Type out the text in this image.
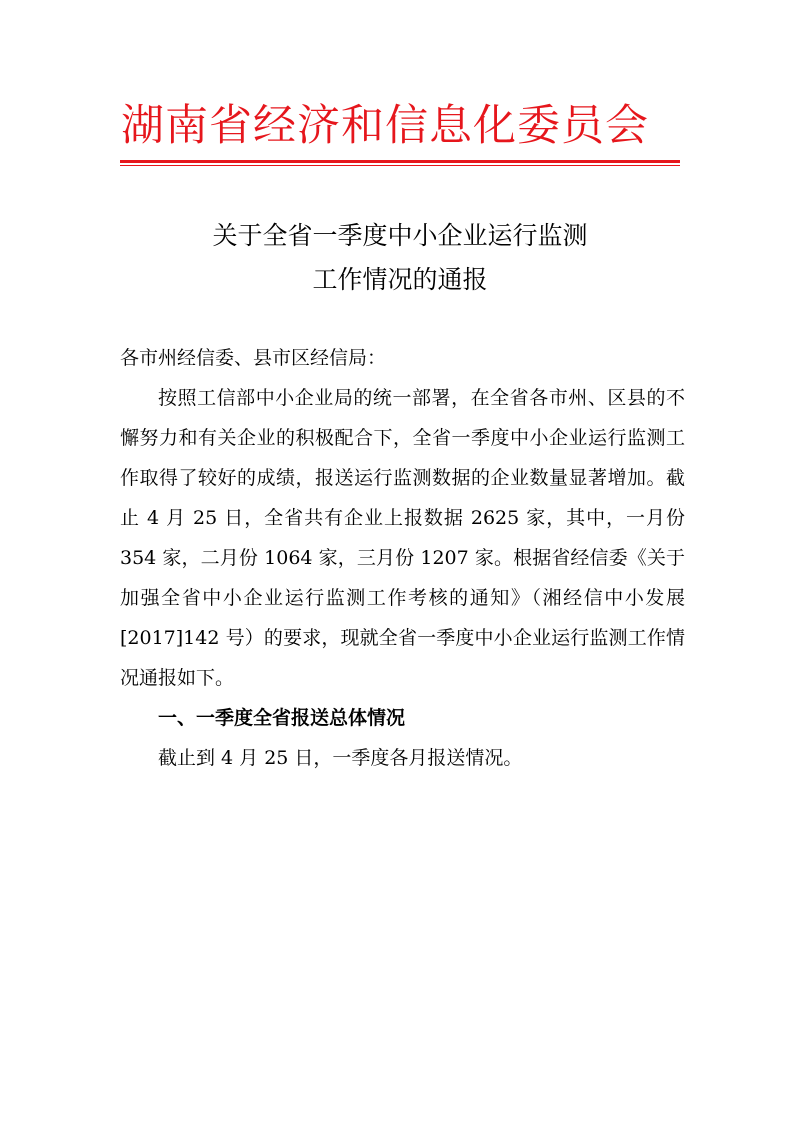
湖南省经济和信息化委员会
关于全省一季度中小企业运行监测
工作情况的通报

各市州经信委、县市区经信局：

按照工信部中小企业局的统一部署，在全省各市州、区县的不懈努力和有关企业的积极配合下，全省一季度中小企业运行监测工作取得了较好的成绩，报送运行监测数据的企业数量显著增加。截止 4 月 25 日，全省共有企业上报数据 2625 家，其中，一月份 354 家，二月份 1064 家，三月份 1207 家。根据省经信委《关于加强全省中小企业运行监测工作考核的通知》（湘经信中小发展[2017]142 号）的要求，现就全省一季度中小企业运行监测工作情况通报如下。

一、一季度全省报送总体情况

截止到 4 月 25 日，一季度各月报送情况。
